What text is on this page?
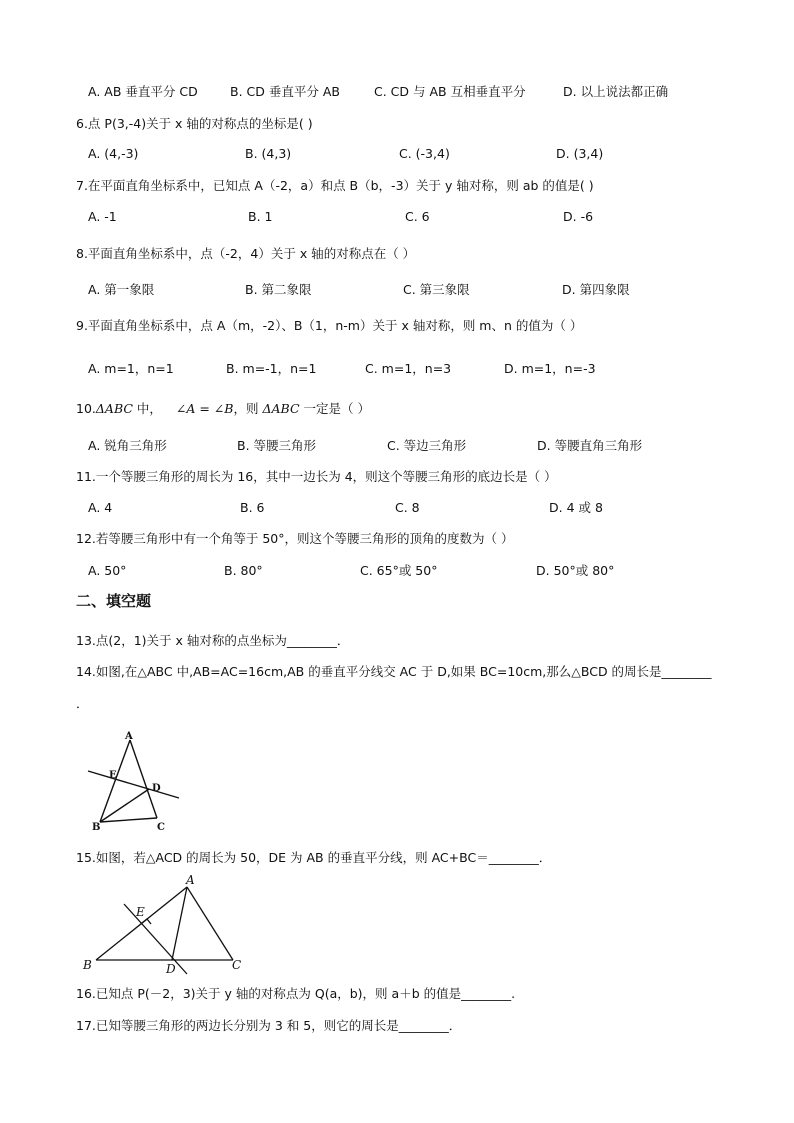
A. AB 垂直平分 CD	B. CD 垂直平分 AB	C. CD 与 AB 互相垂直平分	D. 以上说法都正确
6.点 P(3,-4)关于 x 轴的对称点的坐标是( )
A. (4,-3)	B. (4,3)	C. (-3,4)	D. (3,4)
7.在平面直角坐标系中，已知点 A（-2，a）和点 B（b，-3）关于 y 轴对称，则 ab 的值是( )
A. -1	B. 1	C. 6	D. -6
8.平面直角坐标系中，点（-2，4）关于 x 轴的对称点在（ ）
A. 第一象限	B. 第二象限	C. 第三象限	D. 第四象限
9.平面直角坐标系中，点 A（m，-2）、B（1，n-m）关于 x 轴对称，则 m、n 的值为（ ）
A. m=1，n=1	B. m=-1，n=1	C. m=1，n=3	D. m=1，n=-3
10.ΔABC 中， ∠A = ∠B，则 ΔABC 一定是（ ）
A. 锐角三角形	B. 等腰三角形	C. 等边三角形	D. 等腰直角三角形
11.一个等腰三角形的周长为 16，其中一边长为 4，则这个等腰三角形的底边长是（ ）
A. 4	B. 6	C. 8	D. 4 或 8
12.若等腰三角形中有一个角等于 50°，则这个等腰三角形的顶角的度数为（ ）
A. 50°	B. 80°	C. 65°或 50°	D. 50°或 80°
二、填空题
13.点(2，1)关于 x 轴对称的点坐标为________．
14.如图,在△ABC 中,AB=AC=16cm,AB 的垂直平分线交 AC 于 D,如果 BC=10cm,那么△BCD 的周长是________
．
A
E
D
B	C
15.如图，若△ACD 的周长为 50，DE 为 AB 的垂直平分线，则 AC+BC＝________．
A
E
B	D	C
16.已知点 P(－2，3)关于 y 轴的对称点为 Q(a，b)，则 a＋b 的值是________.
17.已知等腰三角形的两边长分别为 3 和 5，则它的周长是________．
